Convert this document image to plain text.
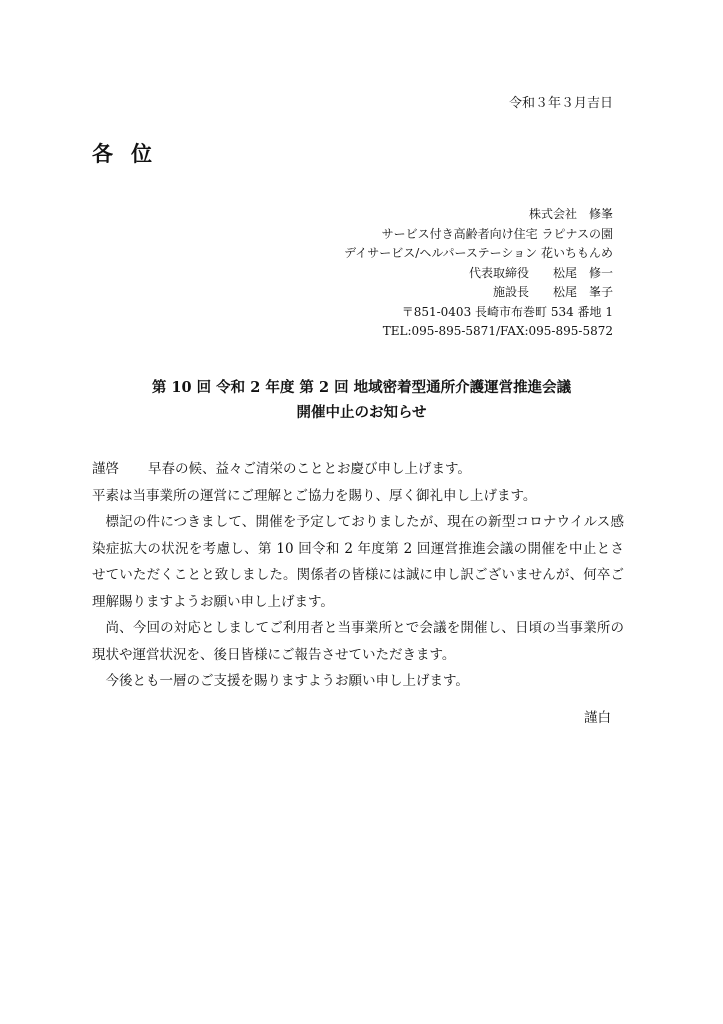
令和３年３月吉日
各位
株式会社　修峯
サービス付き高齢者向け住宅 ラピナスの園
デイサービス/ヘルパーステーション 花いちもんめ
代表取締役　　松尾　修一
施設長　　松尾　峯子
〒851-0403 長崎市布巻町 534 番地 1
TEL:095-895-5871/FAX:095-895-5872
第 10 回 令和 2 年度 第 2 回 地域密着型通所介護運営推進会議
開催中止のお知らせ

謹啓 早春の候、益々ご清栄のこととお慶び申し上げます。

平素は当事業所の運営にご理解とご協力を賜り、厚く御礼申し上げます。

標記の件につきまして、開催を予定しておりましたが、現在の新型コロナウイルス感染症拡大の状況を考慮し、第 10 回令和 2 年度第 2 回運営推進会議の開催を中止とさせていただくことと致しました。関係者の皆様には誠に申し訳ございませんが、何卒ご理解賜りますようお願い申し上げます。

尚、今回の対応としましてご利用者と当事業所とで会議を開催し、日頃の当事業所の現状や運営状況を、後日皆様にご報告させていただきます。

今後とも一層のご支援を賜りますようお願い申し上げます。

謹白
